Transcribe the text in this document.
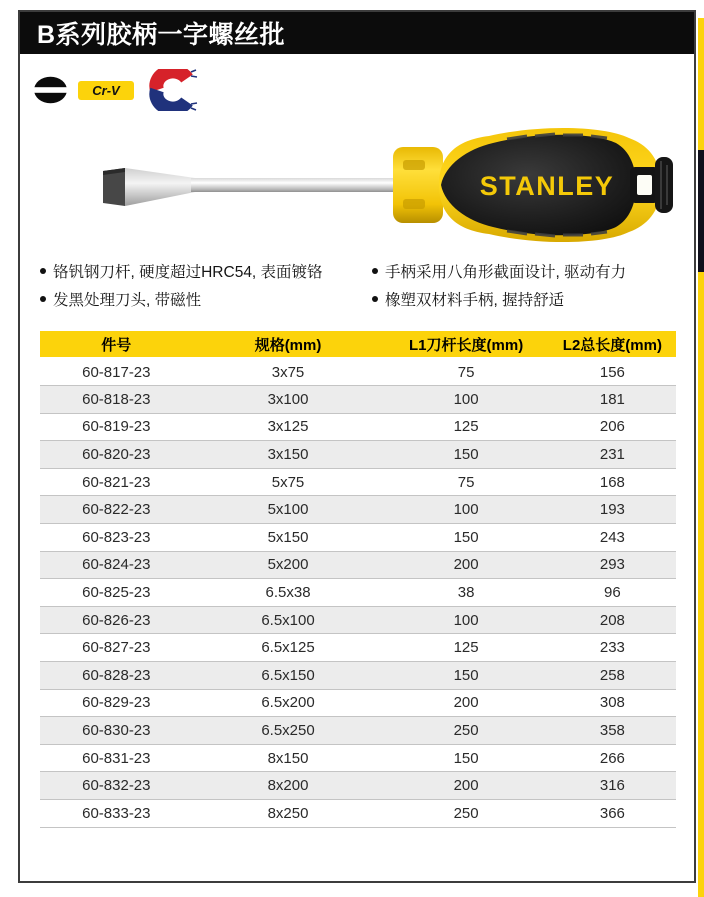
B系列胶柄一字螺丝批
Cr-V
STANLEY
铬钒钢刀杆, 硬度超过HRC54, 表面镀铬
发黑处理刀头, 带磁性
手柄采用八角形截面设计, 驱动有力
橡塑双材料手柄, 握持舒适
件号	规格(mm)	L1刀杆长度(mm)	L2总长度(mm)
60-817-23	3x75	75	156
60-818-23	3x100	100	181
60-819-23	3x125	125	206
60-820-23	3x150	150	231
60-821-23	5x75	75	168
60-822-23	5x100	100	193
60-823-23	5x150	150	243
60-824-23	5x200	200	293
60-825-23	6.5x38	38	96
60-826-23	6.5x100	100	208
60-827-23	6.5x125	125	233
60-828-23	6.5x150	150	258
60-829-23	6.5x200	200	308
60-830-23	6.5x250	250	358
60-831-23	8x150	150	266
60-832-23	8x200	200	316
60-833-23	8x250	250	366
